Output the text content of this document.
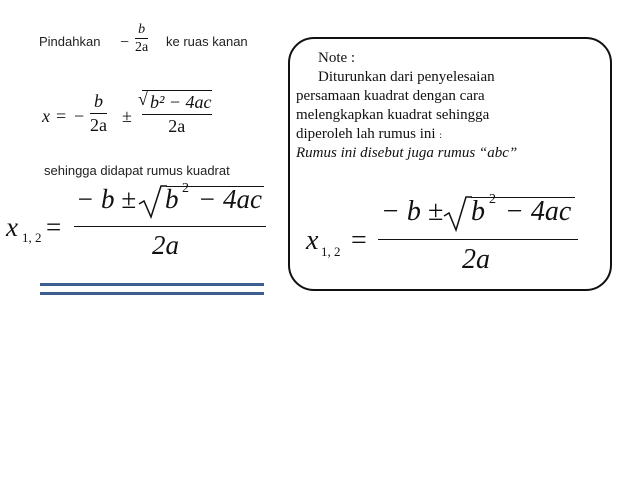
Pindahkan −
b
2a ke ruas kanan
x = −
b
2a ±
√ b² − 4ac
2a
sehingga didapat rumus kuadrat
x 1, 2 =
− b ± b 2 − 4ac
2a
Note :
Diturunkan dari penyelesaian
persamaan kuadrat dengan cara
melengkapkan kuadrat sehingga
diperoleh lah rumus ini :
Rumus ini disebut juga rumus “abc”
x 1, 2 =
− b ± b 2 − 4ac
2a
